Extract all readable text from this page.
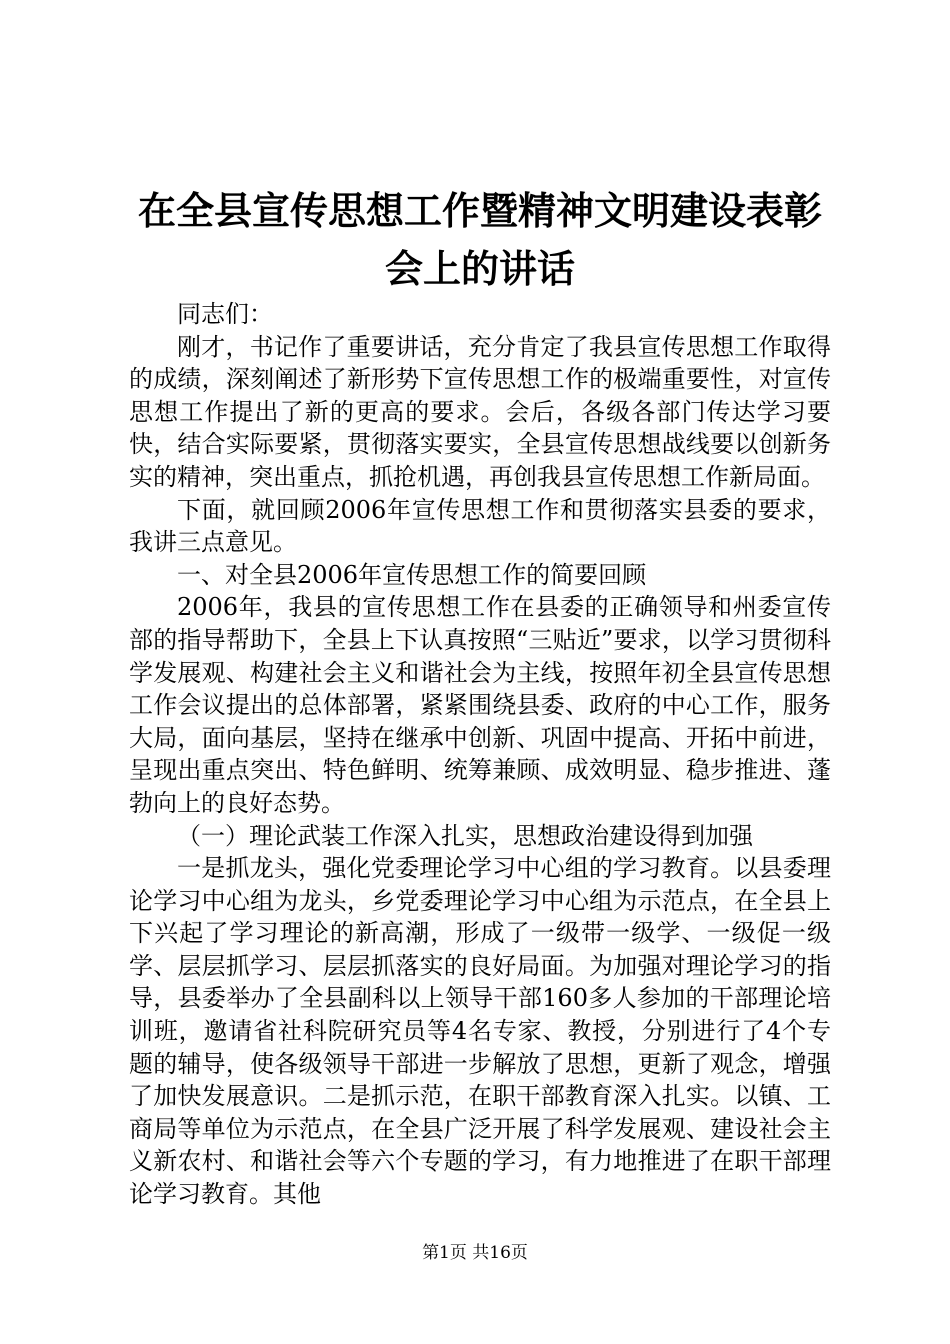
在全县宣传思想工作暨精神文明建设表彰会上的讲话

同志们：

刚才，书记作了重要讲话，充分肯定了我县宣传思想工作取得的成绩，深刻阐述了新形势下宣传思想工作的极端重要性，对宣传思想工作提出了新的更高的要求。会后，各级各部门传达学习要快，结合实际要紧，贯彻落实要实，全县宣传思想战线要以创新务实的精神，突出重点，抓抢机遇，再创我县宣传思想工作新局面。

下面，就回顾2006年宣传思想工作和贯彻落实县委的要求，我讲三点意见。

一、对全县2006年宣传思想工作的简要回顾

2006年，我县的宣传思想工作在县委的正确领导和州委宣传部的指导帮助下，全县上下认真按照“三贴近”要求，以学习贯彻科学发展观、构建社会主义和谐社会为主线，按照年初全县宣传思想工作会议提出的总体部署，紧紧围绕县委、政府的中心工作，服务大局，面向基层，坚持在继承中创新、巩固中提高、开拓中前进，呈现出重点突出、特色鲜明、统筹兼顾、成效明显、稳步推进、蓬勃向上的良好态势。

（一）理论武装工作深入扎实，思想政治建设得到加强

一是抓龙头，强化党委理论学习中心组的学习教育。以县委理论学习中心组为龙头，乡党委理论学习中心组为示范点，在全县上下兴起了学习理论的新高潮，形成了一级带一级学、一级促一级学、层层抓学习、层层抓落实的良好局面。为加强对理论学习的指导，县委举办了全县副科以上领导干部160多人参加的干部理论培训班，邀请省社科院研究员等4名专家、教授，分别进行了4个专题的辅导，使各级领导干部进一步解放了思想，更新了观念，增强了加快发展意识。二是抓示范，在职干部教育深入扎实。以镇、工商局等单位为示范点，在全县广泛开展了科学发展观、建设社会主义新农村、和谐社会等六个专题的学习，有力地推进了在职干部理论学习教育。其他

第1页 共16页
